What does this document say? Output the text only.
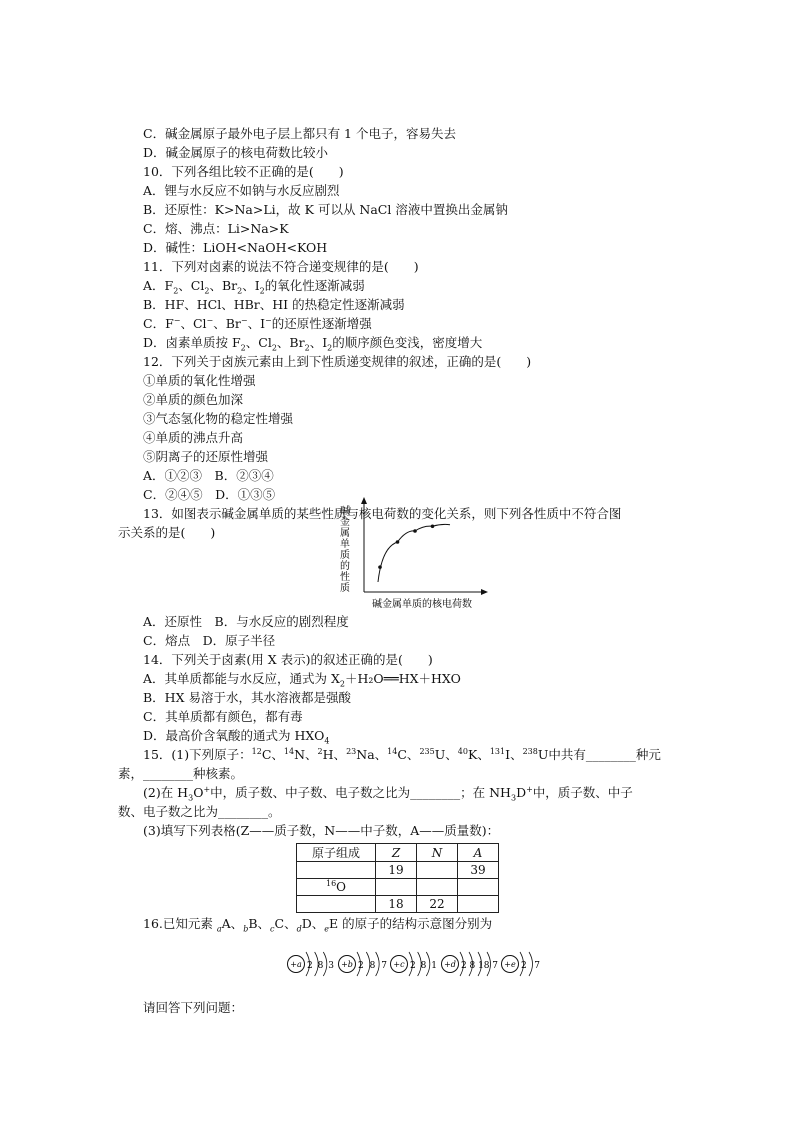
C．碱金属原子最外电子层上都只有 1 个电子，容易失去
D．碱金属原子的核电荷数比较小
10．下列各组比较不正确的是(　　)
A．锂与水反应不如钠与水反应剧烈
B．还原性：K>Na>Li，故 K 可以从 NaCl 溶液中置换出金属钠
C．熔、沸点：Li>Na>K
D．碱性：LiOH<NaOH<KOH
11．下列对卤素的说法不符合递变规律的是(　　)
A．$F_2$、$Cl_2$、$Br_2$、$I_2$的氧化性逐渐减弱
B．HF、HCl、HBr、HI 的热稳定性逐渐减弱
C．F−、Cl−、Br−、I−的还原性逐渐增强
D．卤素单质按 $F_2$、$Cl_2$、$Br_2$、$I_2$的顺序颜色变浅，密度增大
12．下列关于卤族元素由上到下性质递变规律的叙述，正确的是(　　)
①单质的氧化性增强
②单质的颜色加深
③气态氢化物的稳定性增强
④单质的沸点升高
⑤阴离子的还原性增强
A．①②③　B．②③④
C．②④⑤　D．①③⑤
13．如图表示碱金属单质的某些性质与核电荷数的变化关系，则下列各性质中不符合图
示关系的是(　　)	碱金属单质的性质
碱金属单质的核电荷数
A．还原性　B．与水反应的剧烈程度
C．熔点　D．原子半径
14．下列关于卤素(用 X 表示)的叙述正确的是(　　)
A．其单质都能与水反应，通式为 $X_2+H_2O══HX+HXO$
B．HX 易溶于水，其水溶液都是强酸
C．其单质都有颜色，都有毒
D．最高价含氧酸的通式为 $HXO_4$
15．(1)下列原子：$^{12}$C、$^{14}$N、$^2$H、$^{23}$Na、$^{14}$C、$^{235}$U、$^{40}$K、$^{131}$I、$^{238}$U中共有________种元
素，________种核素。
(2)在 $H_3O^+$中，质子数、中子数、电子数之比为________；在 $NH_3D^+$中，质子数、中子
数、电子数之比为________。
(3)填写下列表格(Z——质子数，N——中子数，A——质量数)：
原子组成	Z	N	A
	19		39
$^{16}$O			
	18	22	
16.已知元素 $_a$A、$_b$B、$_c$C、$_d$D、$_e$E 的原子的结构示意图分别为
+a 2 8 3 +b 2 8 7 +c 2 8 1 +d 2 8 18 7 +e 2 7
请回答下列问题：
